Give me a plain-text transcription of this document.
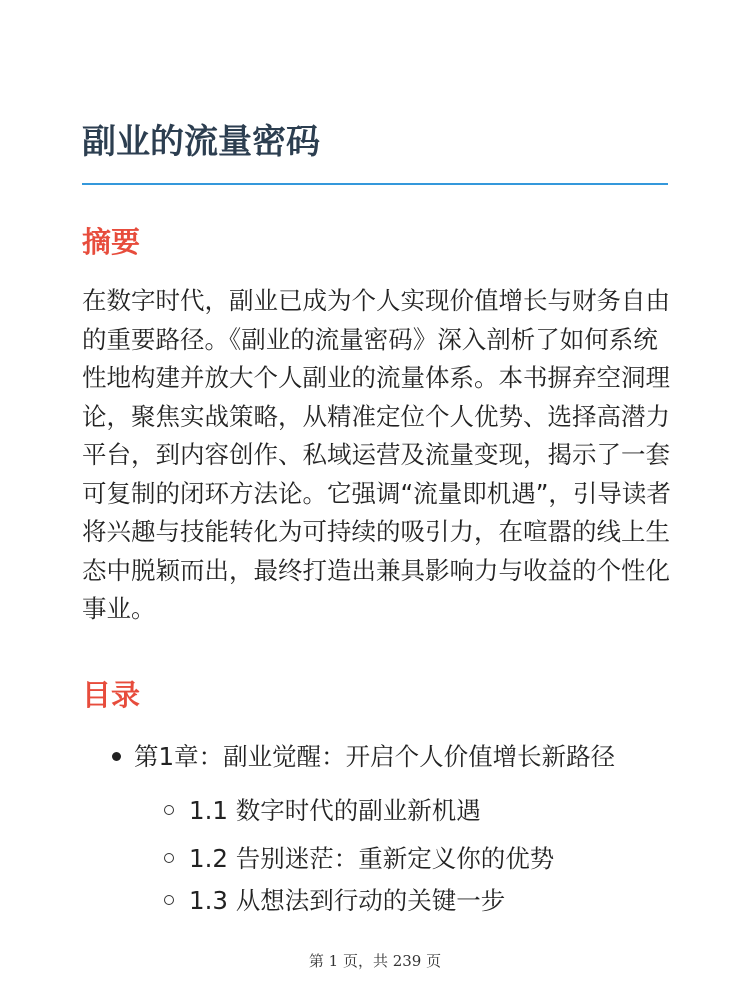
副业的流量密码
摘要

在数字时代，副业已成为个人实现价值增长与财务自由的重要路径。《副业的流量密码》深入剖析了如何系统性地构建并放大个人副业的流量体系。本书摒弃空洞理论，聚焦实战策略，从精准定位个人优势、选择高潜力平台，到内容创作、私域运营及流量变现，揭示了一套可复制的闭环方法论。它强调“流量即机遇”，引导读者将兴趣与技能转化为可持续的吸引力，在喧嚣的线上生态中脱颖而出，最终打造出兼具影响力与收益的个性化事业。

目录
第1章：副业觉醒：开启个人价值增长新路径
1.1 数字时代的副业新机遇
1.2 告别迷茫：重新定义你的优势
1.3 从想法到行动的关键一步
第 1 页，共 239 页
